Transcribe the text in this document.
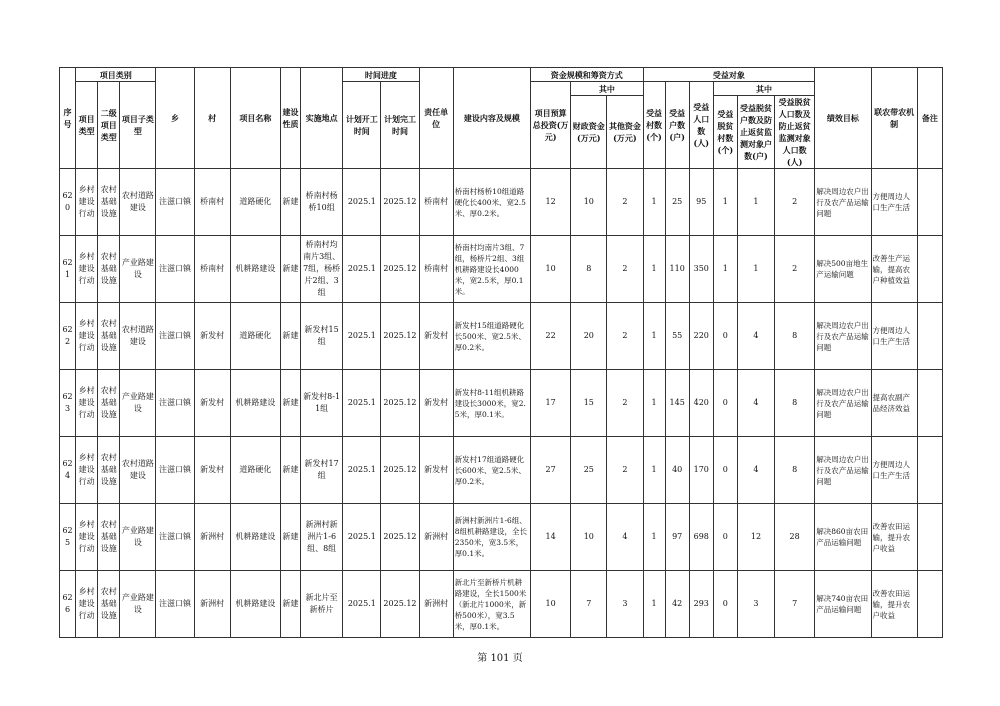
序号	项目类别			乡	村	项目名称	建设性质	实施地点	时间进度		责任单位	建设内容及规模	资金规模和筹资方式			受益对象						绩效目标	联农带农机制	备注
	项目类型	二级项目类型	项目子类型						计划开工时间	计划完工时间			项目预算总投资(万元)	其中		受益村数(个)	受益户数(户)	受益人口数(人)	其中					
														财政资金(万元)	其他资金(万元)				受益脱贫村数(个)	受益脱贫户数及防止返贫监测对象户数(户)	受益脱贫人口数及防止返贫监测对象人口数(人)			
620	乡村建设行动	农村基础设施	农村道路建设	注滋口镇	桥南村	道路硬化	新建	桥南村杨桥10组	2025.1	2025.12	桥南村	桥南村杨桥10组道路硬化长400米、宽2.5米、厚0.2米。	12	10	2	1	25	95	1	1	2	解决周边农户出行及农产品运输问题	方便周边人口生产生活	
621	乡村建设行动	农村基础设施	产业路建设	注滋口镇	桥南村	机耕路建设	新建	桥南村均南片3组、7组，杨桥片2组、3组	2025.1	2025.12	桥南村	桥南村均南片3组、7组，杨桥片2组、3组机耕路建设长4000米，宽2.5米，厚0.1米。	10	8	2	1	110	350	1	1	2	解决500亩地生产运输问题	改善生产运输，提高农户种植效益	
622	乡村建设行动	农村基础设施	农村道路建设	注滋口镇	新发村	道路硬化	新建	新发村15组	2025.1	2025.12	新发村	新发村15组道路硬化长500米、宽2.5米、厚0.2米。	22	20	2	1	55	220	0	4	8	解决周边农户出行及农产品运输问题	方便周边人口生产生活	
623	乡村建设行动	农村基础设施	产业路建设	注滋口镇	新发村	机耕路建设	新建	新发村8-11组	2025.1	2025.12	新发村	新发村8-11组机耕路建设长3000米，宽2.5米，厚0.1米。	17	15	2	1	145	420	0	4	8	解决周边农户出行及农产品运输问题	提高农副产品经济效益	
624	乡村建设行动	农村基础设施	农村道路建设	注滋口镇	新发村	道路硬化	新建	新发村17组	2025.1	2025.12	新发村	新发村17组道路硬化长600米、宽2.5米、厚0.2米。	27	25	2	1	40	170	0	4	8	解决周边农户出行及农产品运输问题	方便周边人口生产生活	
625	乡村建设行动	农村基础设施	产业路建设	注滋口镇	新洲村	机耕路建设	新建	新洲村新洲片1-6组、8组	2025.1	2025.12	新洲村	新洲村新洲片1-6组、8组机耕路建设，全长2350米，宽3.5米，厚0.1米。	14	10	4	1	97	698	0	12	28	解决860亩农田产品运输问题	改善农田运输，提升农户收益	
626	乡村建设行动	农村基础设施	产业路建设	注滋口镇	新洲村	机耕路建设	新建	新北片至新桥片	2025.1	2025.12	新洲村	新北片至新桥片机耕路建设，全长1500米（新北片1000米，新桥500米），宽3.5米，厚0.1米。	10	7	3	1	42	293	0	3	7	解决740亩农田产品运输问题	改善农田运输，提升农户收益	
第 101 页
